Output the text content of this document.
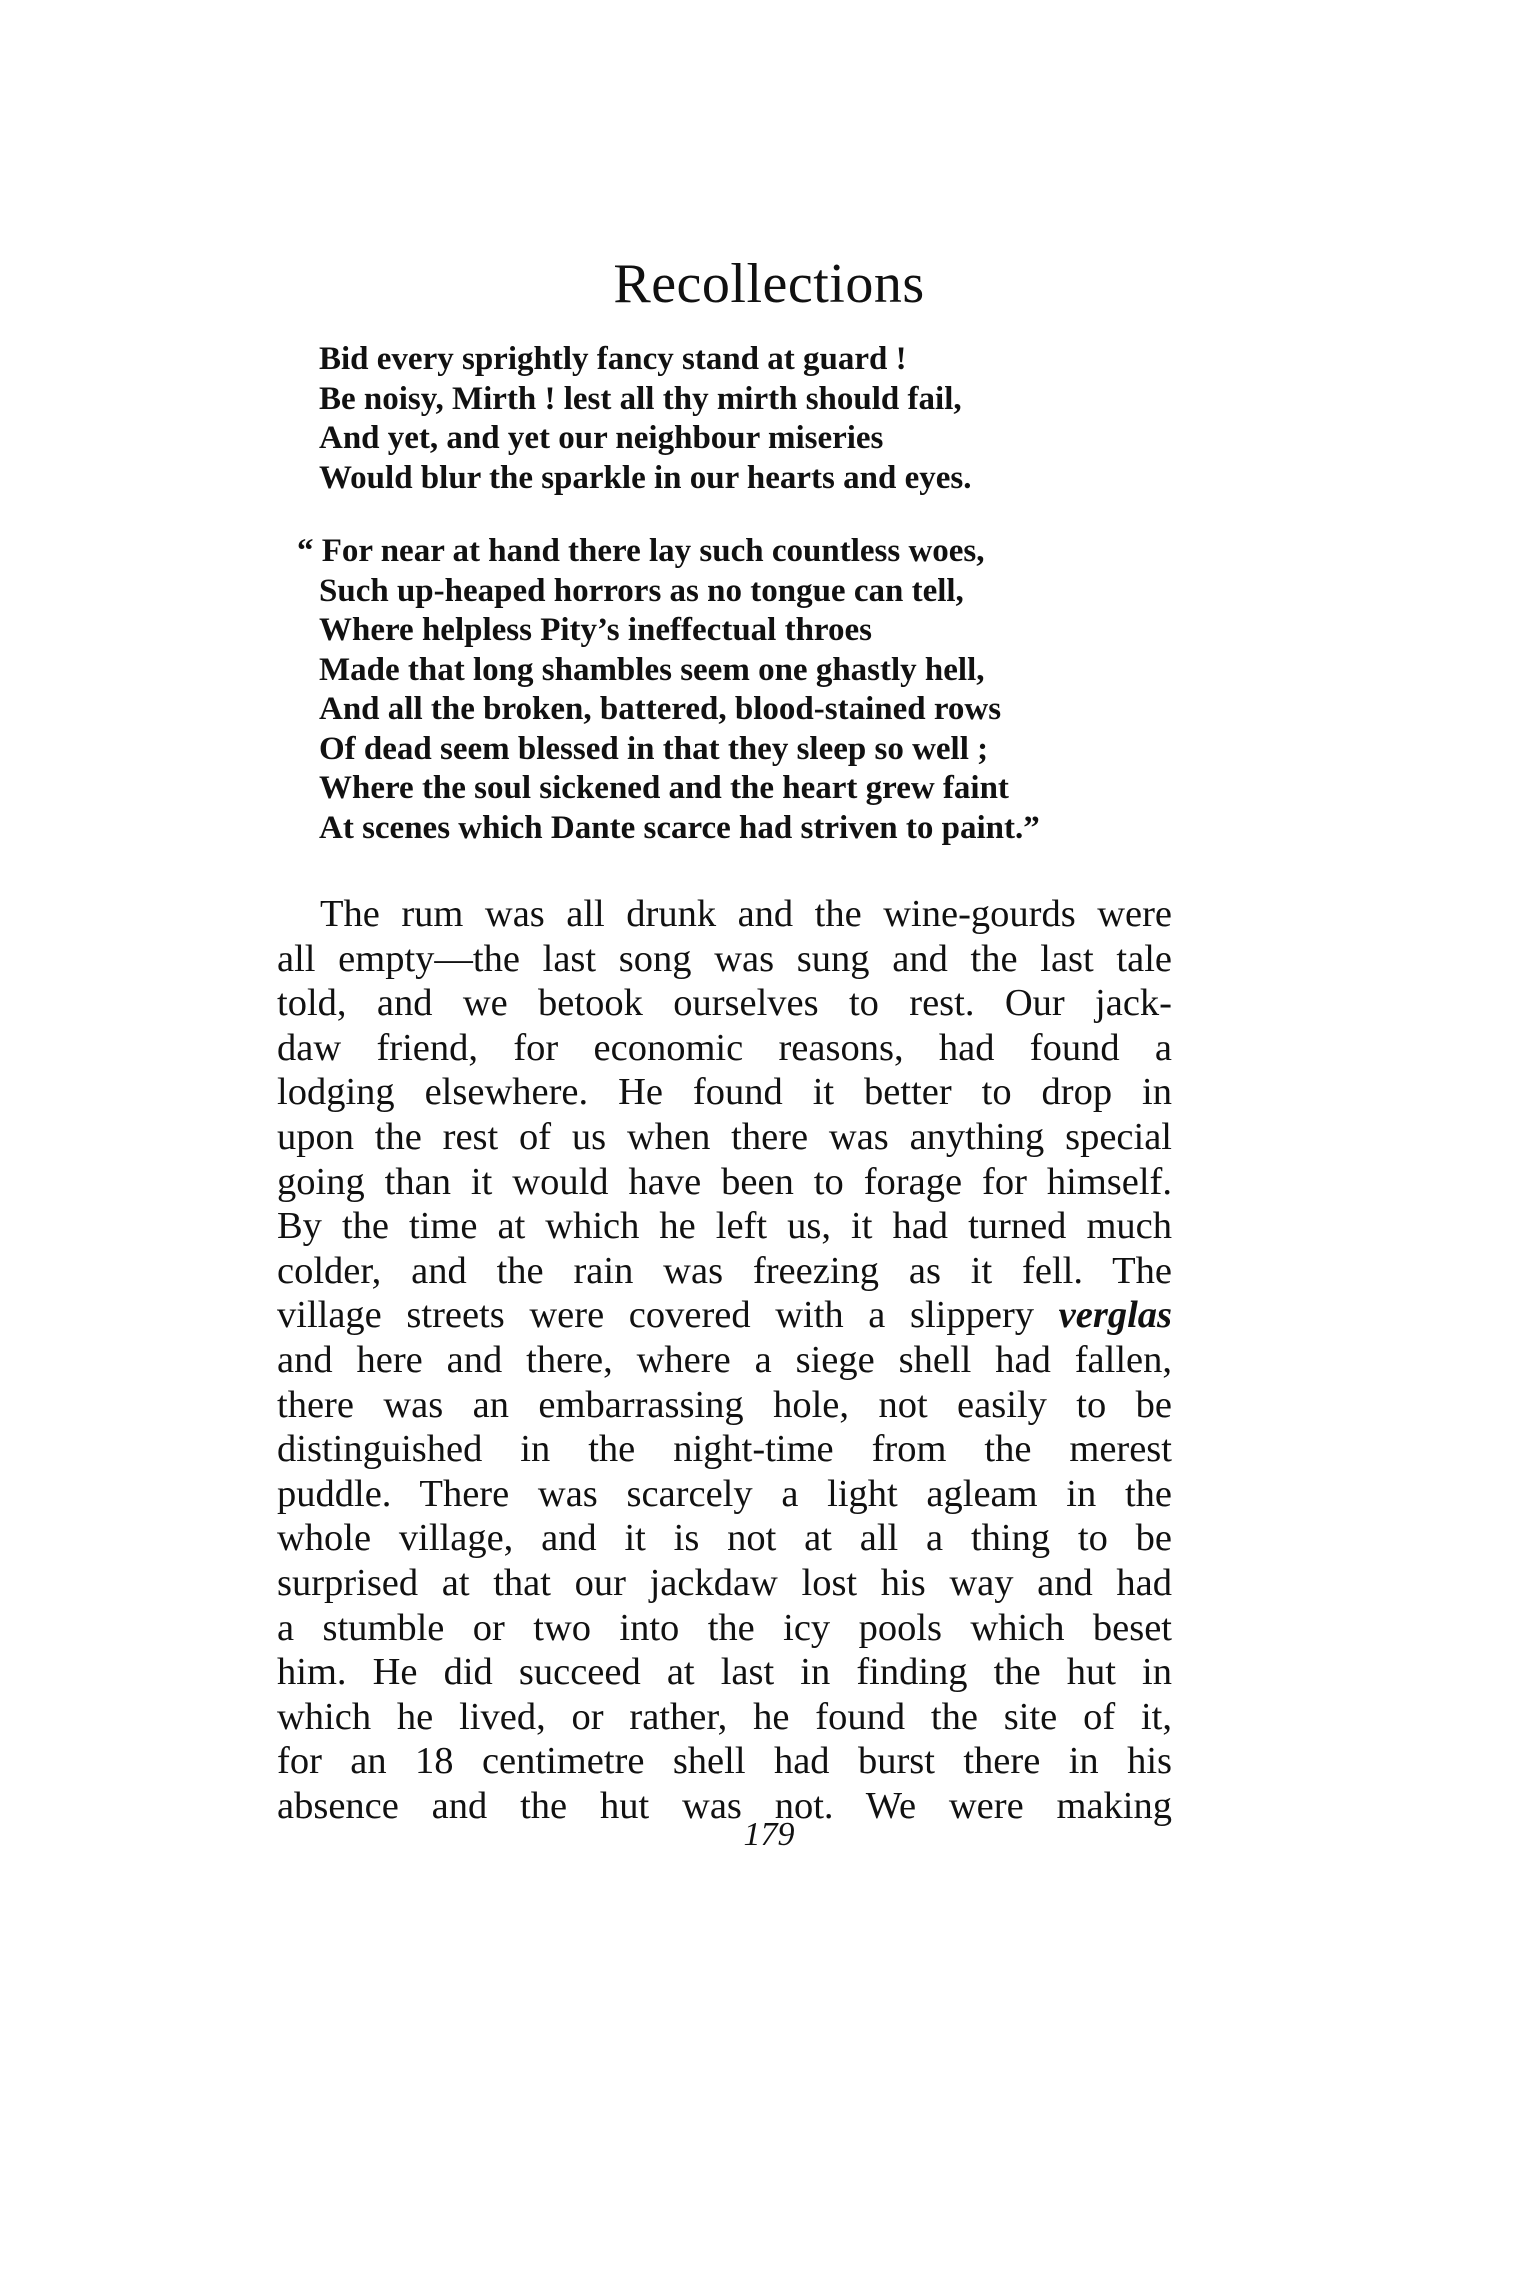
Recollections
Bid every sprightly fancy stand at guard !
Be noisy, Mirth ! lest all thy mirth should fail,
And yet, and yet our neighbour miseries
Would blur the sparkle in our hearts and eyes.
“ For near at hand there lay such countless woes,
Such up-heaped horrors as no tongue can tell,
Where helpless Pity’s ineffectual throes
Made that long shambles seem one ghastly hell,
And all the broken, battered, blood-stained rows
Of dead seem blessed in that they sleep so well ;
Where the soul sickened and the heart grew faint
At scenes which Dante scarce had striven to paint.”
The rum was all drunk and the wine-gourds were
all empty—the last song was sung and the last tale
told, and we betook ourselves to rest. Our jack-
daw friend, for economic reasons, had found a
lodging elsewhere. He found it better to drop in
upon the rest of us when there was anything special
going than it would have been to forage for himself.
By the time at which he left us, it had turned much
colder, and the rain was freezing as it fell. The
village streets were covered with a slippery verglas
and here and there, where a siege shell had fallen,
there was an embarrassing hole, not easily to be
distinguished in the night-time from the merest
puddle. There was scarcely a light agleam in the
whole village, and it is not at all a thing to be
surprised at that our jackdaw lost his way and had
a stumble or two into the icy pools which beset
him. He did succeed at last in finding the hut in
which he lived, or rather, he found the site of it,
for an 18 centimetre shell had burst there in his
absence and the hut was not. We were making
179
